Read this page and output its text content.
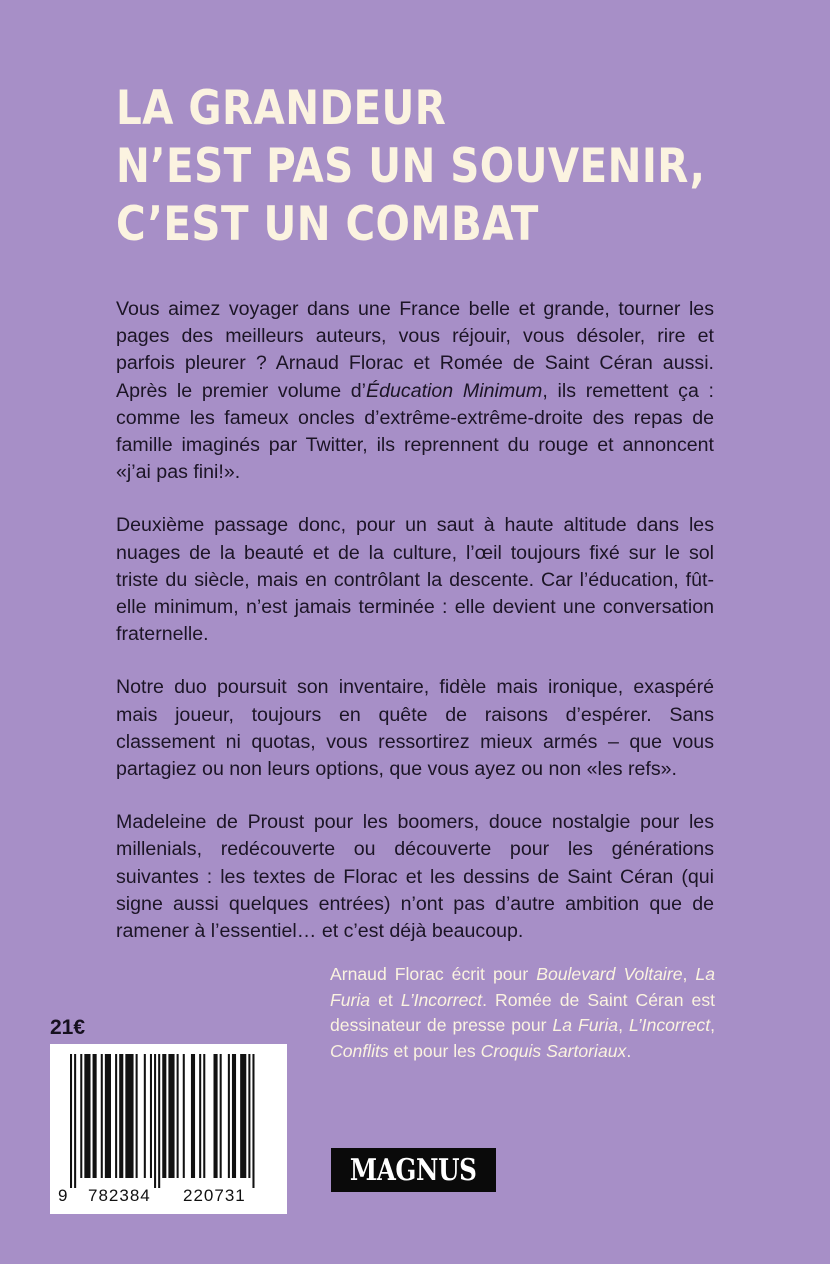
LA GRANDEUR
N’EST PAS UN SOUVENIR,
C’EST UN COMBAT

Vous aimez voyager dans une France belle et grande, tourner les pages des meilleurs auteurs, vous réjouir, vous désoler, rire et parfois pleurer ? Arnaud Florac et Romée de Saint Céran aussi. Après le premier volume d’Éducation Minimum, ils remettent ça : comme les fameux oncles d’extrême-extrême-droite des repas de famille imaginés par Twitter, ils reprennent du rouge et annoncent «j’ai pas fini!».

Deuxième passage donc, pour un saut à haute altitude dans les nuages de la beauté et de la culture, l’œil toujours fixé sur le sol triste du siècle, mais en contrôlant la descente. Car l’éducation, fût-elle minimum, n’est jamais terminée : elle devient une conversation fraternelle.

Notre duo poursuit son inventaire, fidèle mais ironique, exaspéré mais joueur, toujours en quête de raisons d’espérer. Sans classement ni quotas, vous ressortirez mieux armés – que vous partagiez ou non leurs options, que vous ayez ou non «les refs».

Madeleine de Proust pour les boomers, douce nostalgie pour les millenials, redécouverte ou découverte pour les générations suivantes : les textes de Florac et les dessins de Saint Céran (qui signe aussi quelques entrées) n’ont pas d’autre ambition que de ramener à l’essentiel… et c’est déjà beaucoup.

Arnaud Florac écrit pour Boulevard Voltaire, La Furia et L’Incorrect. Romée de Saint Céran est dessinateur de presse pour La Furia, L’Incorrect, Conflits et pour les Croquis Sartoriaux.
21€
9 782384 220731
MAGNUS
